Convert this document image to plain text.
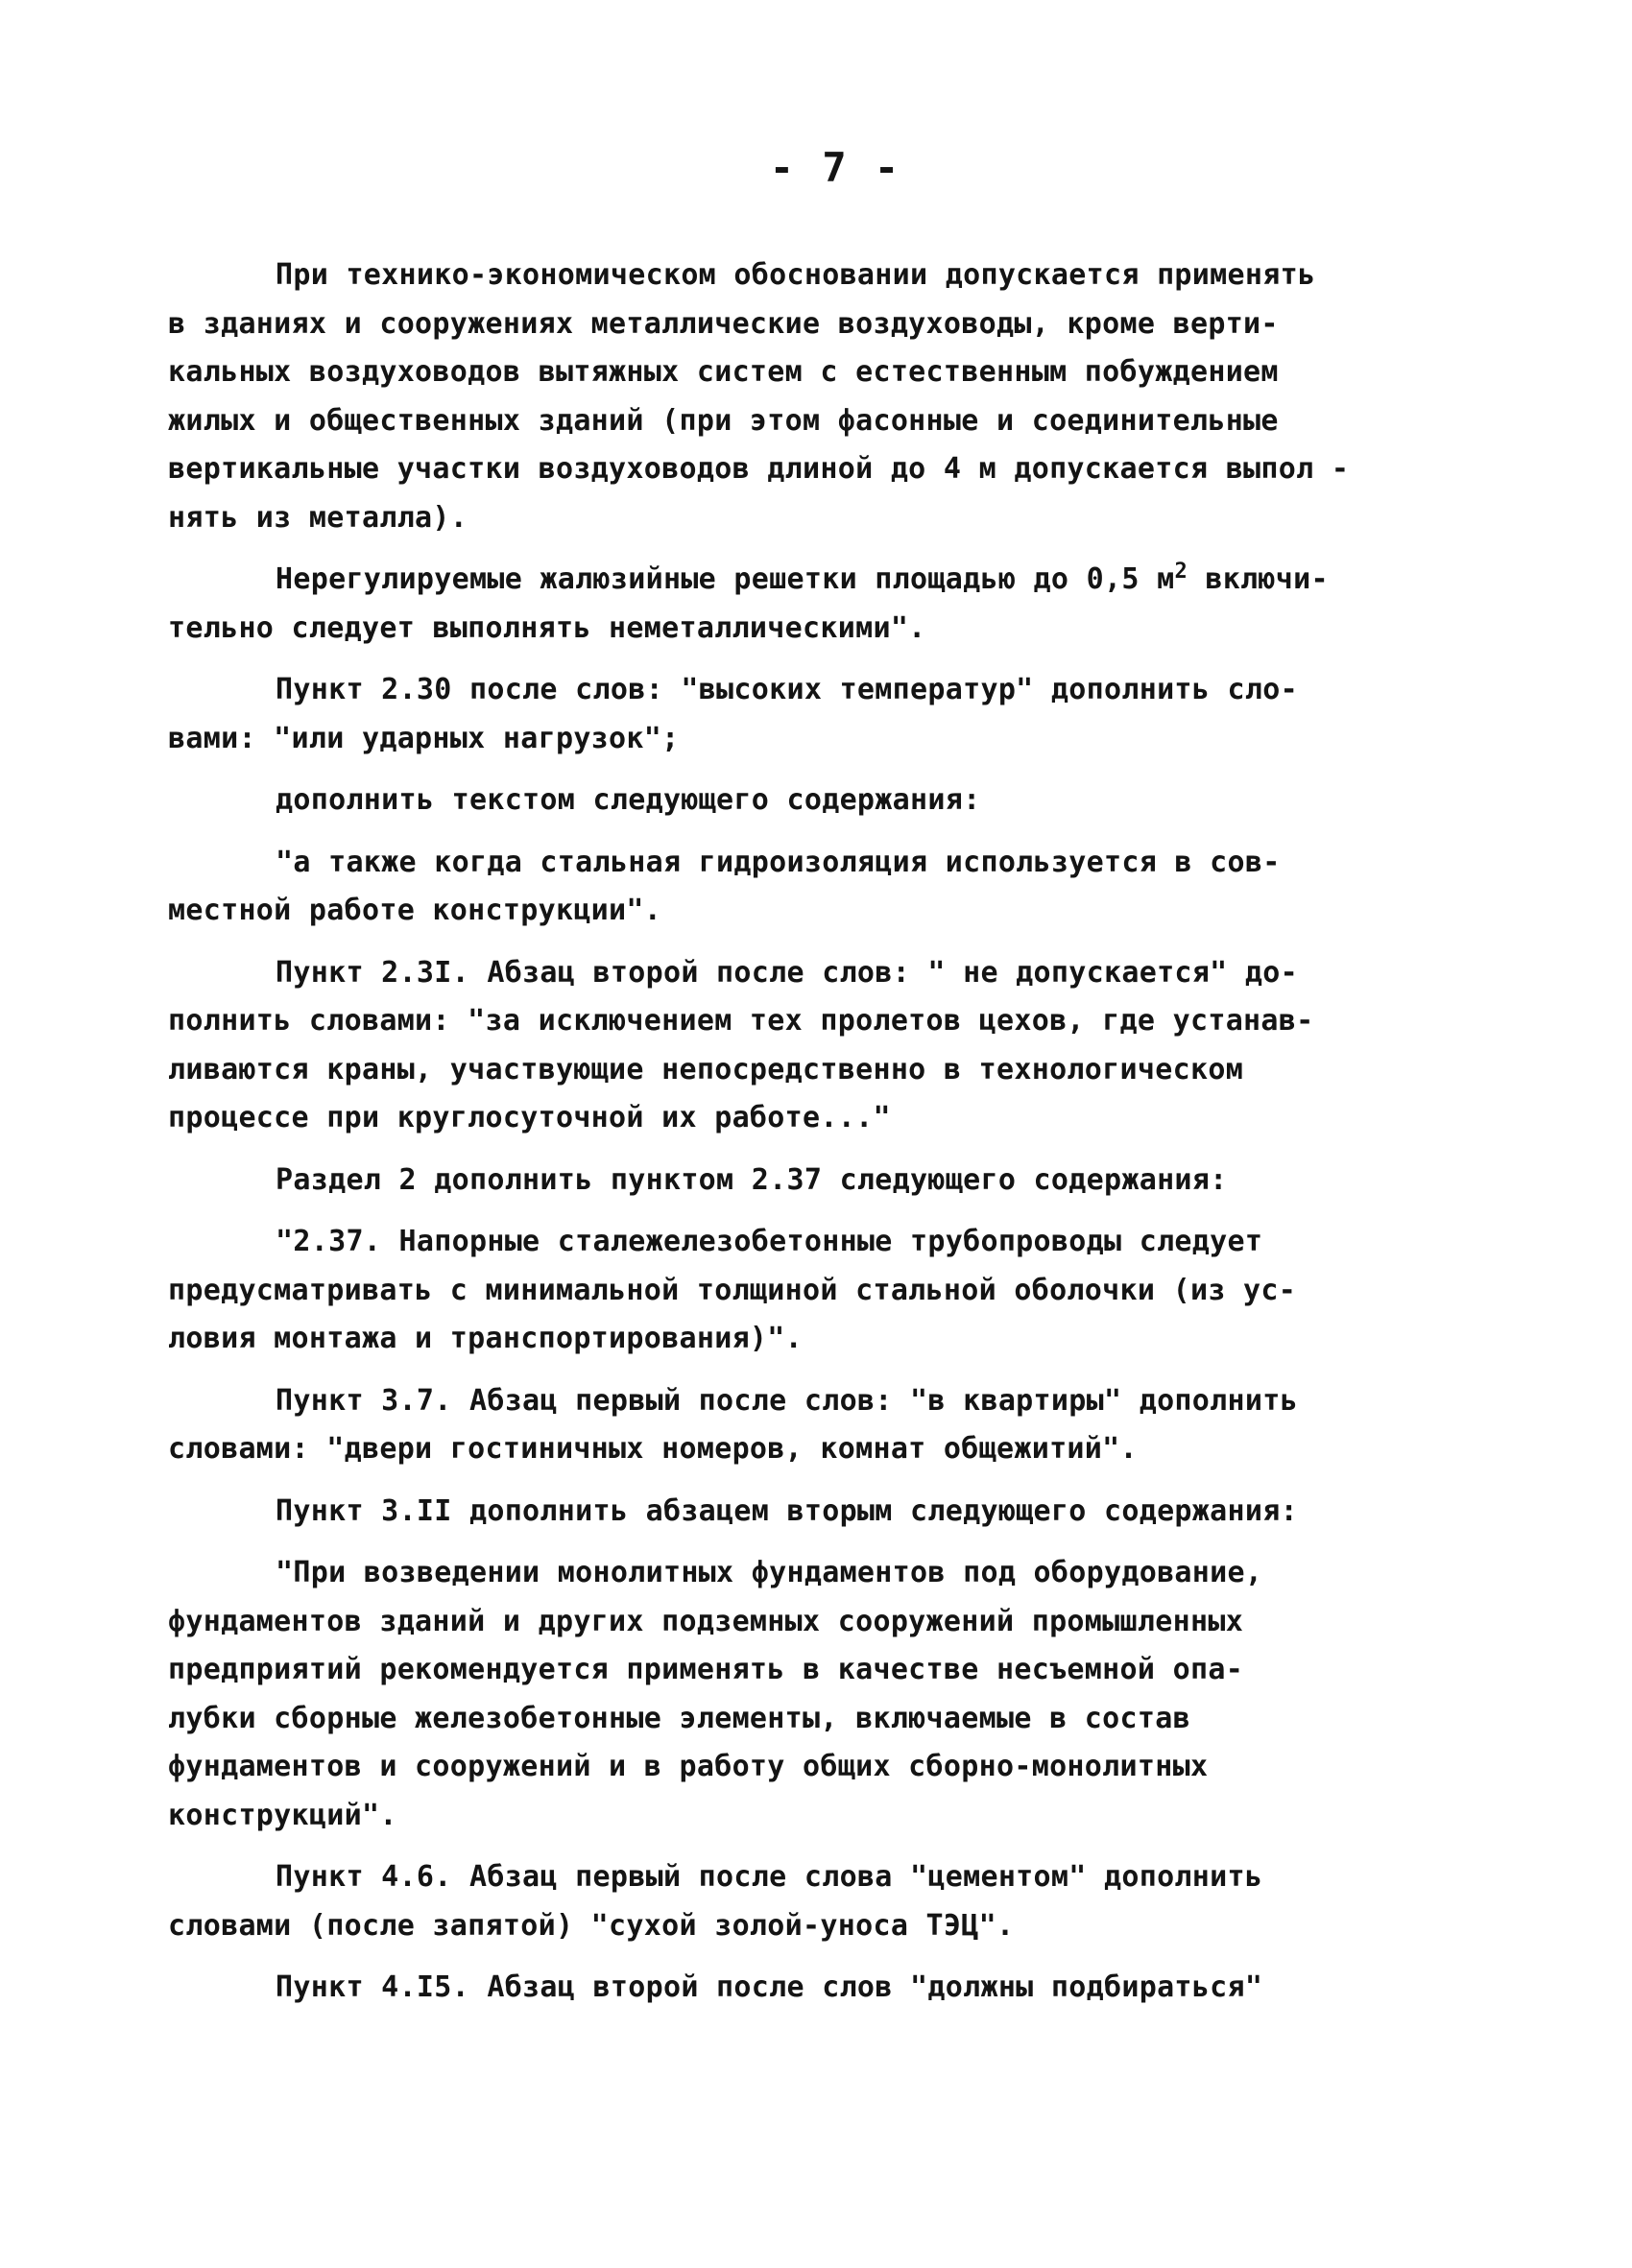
- 7 -
При технико-экономическом обосновании допускается применять
в зданиях и сооружениях металлические воздуховоды, кроме верти-
кальных воздуховодов вытяжных систем с естественным побуждением
жилых и общественных зданий (при этом фасонные и соединительные
вертикальные участки воздуховодов длиной до 4 м допускается выпол -
нять из металла).
Нерегулируемые жалюзийные решетки площадью до 0,5 $м^2$ включи-
тельно следует выполнять неметаллическими".
Пункт 2.30 после слов: "высоких температур" дополнить сло-
вами: "или ударных нагрузок";
дополнить текстом следующего содержания:
"а также когда стальная гидроизоляция используется в сов-
местной работе конструкции".
Пункт 2.3I. Абзац второй после слов: " не допускается" до-
полнить словами: "за исключением тех пролетов цехов, где устанав-
ливаются краны, участвующие непосредственно в технологическом
процессе при круглосуточной их работе..."
Раздел 2 дополнить пунктом 2.37 следующего содержания:
"2.37. Напорные сталежелезобетонные трубопроводы следует
предусматривать с минимальной толщиной стальной оболочки (из ус-
ловия монтажа и транспортирования)".
Пункт 3.7. Абзац первый после слов: "в квартиры" дополнить
словами: "двери гостиничных номеров, комнат общежитий".
Пункт 3.II дополнить абзацем вторым следующего содержания:
"При возведении монолитных фундаментов под оборудование,
фундаментов зданий и других подземных сооружений промышленных
предприятий рекомендуется применять в качестве несъемной опа-
лубки сборные железобетонные элементы, включаемые в состав
фундаментов и сооружений и в работу общих сборно-монолитных
конструкций".
Пункт 4.6. Абзац первый после слова "цементом" дополнить
словами (после запятой) "сухой золой-уноса ТЭЦ".
Пункт 4.I5. Абзац второй после слов "должны подбираться"
